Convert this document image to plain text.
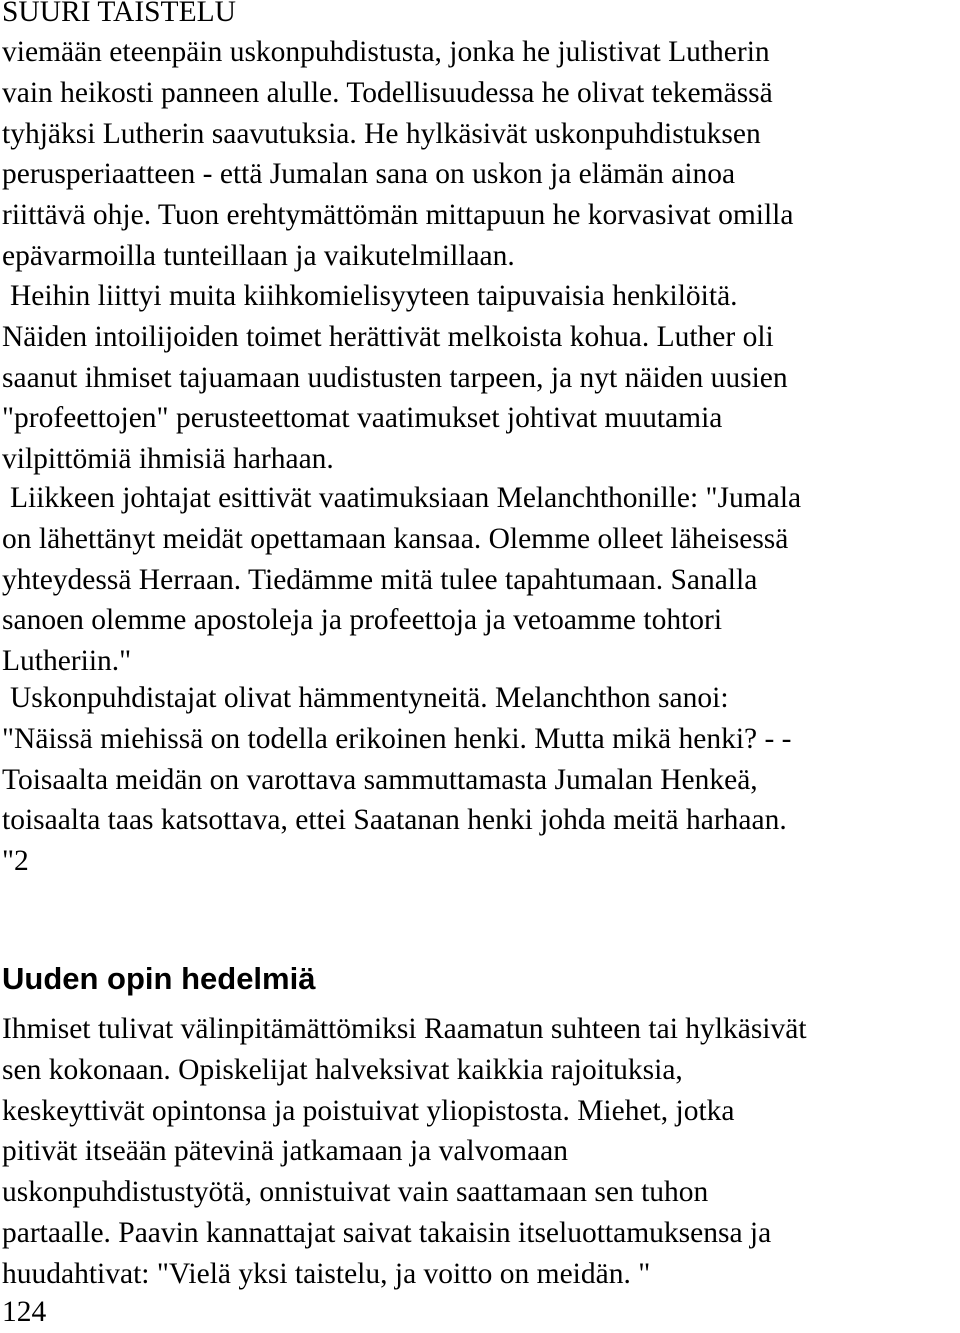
SUURI TAISTELU

viemään eteenpäin uskonpuhdistusta, jonka he julistivat Lutherin
vain heikosti panneen alulle. Todellisuudessa he olivat tekemässä
tyhjäksi Lutherin saavutuksia. He hylkäsivät uskonpuhdistuksen
perusperiaatteen - että Jumalan sana on uskon ja elämän ainoa
riittävä ohje. Tuon erehtymättömän mittapuun he korvasivat omilla
epävarmoilla tunteillaan ja vaikutelmillaan.

Heihin liittyi muita kiihkomielisyyteen taipuvaisia henkilöitä.
Näiden intoilijoiden toimet herättivät melkoista kohua. Luther oli
saanut ihmiset tajuamaan uudistusten tarpeen, ja nyt näiden uusien
"profeettojen" perusteettomat vaatimukset johtivat muutamia
vilpittömiä ihmisiä harhaan.

Liikkeen johtajat esittivät vaatimuksiaan Melanchthonille: "Jumala
on lähettänyt meidät opettamaan kansaa. Olemme olleet läheisessä
yhteydessä Herraan. Tiedämme mitä tulee tapahtumaan. Sanalla
sanoen olemme apostoleja ja profeettoja ja vetoamme tohtori
Lutheriin."

Uskonpuhdistajat olivat hämmentyneitä. Melanchthon sanoi:
"Näissä miehissä on todella erikoinen henki. Mutta mikä henki? - -
Toisaalta meidän on varottava sammuttamasta Jumalan Henkeä,
toisaalta taas katsottava, ettei Saatanan henki johda meitä harhaan.
"2

Uuden opin hedelmiä

Ihmiset tulivat välinpitämättömiksi Raamatun suhteen tai hylkäsivät
sen kokonaan. Opiskelijat halveksivat kaikkia rajoituksia,
keskeyttivät opintonsa ja poistuivat yliopistosta. Miehet, jotka
pitivät itseään pätevinä jatkamaan ja valvomaan
uskonpuhdistustyötä, onnistuivat vain saattamaan sen tuhon
partaalle. Paavin kannattajat saivat takaisin itseluottamuksensa ja
huudahtivat: "Vielä yksi taistelu, ja voitto on meidän. "

124
